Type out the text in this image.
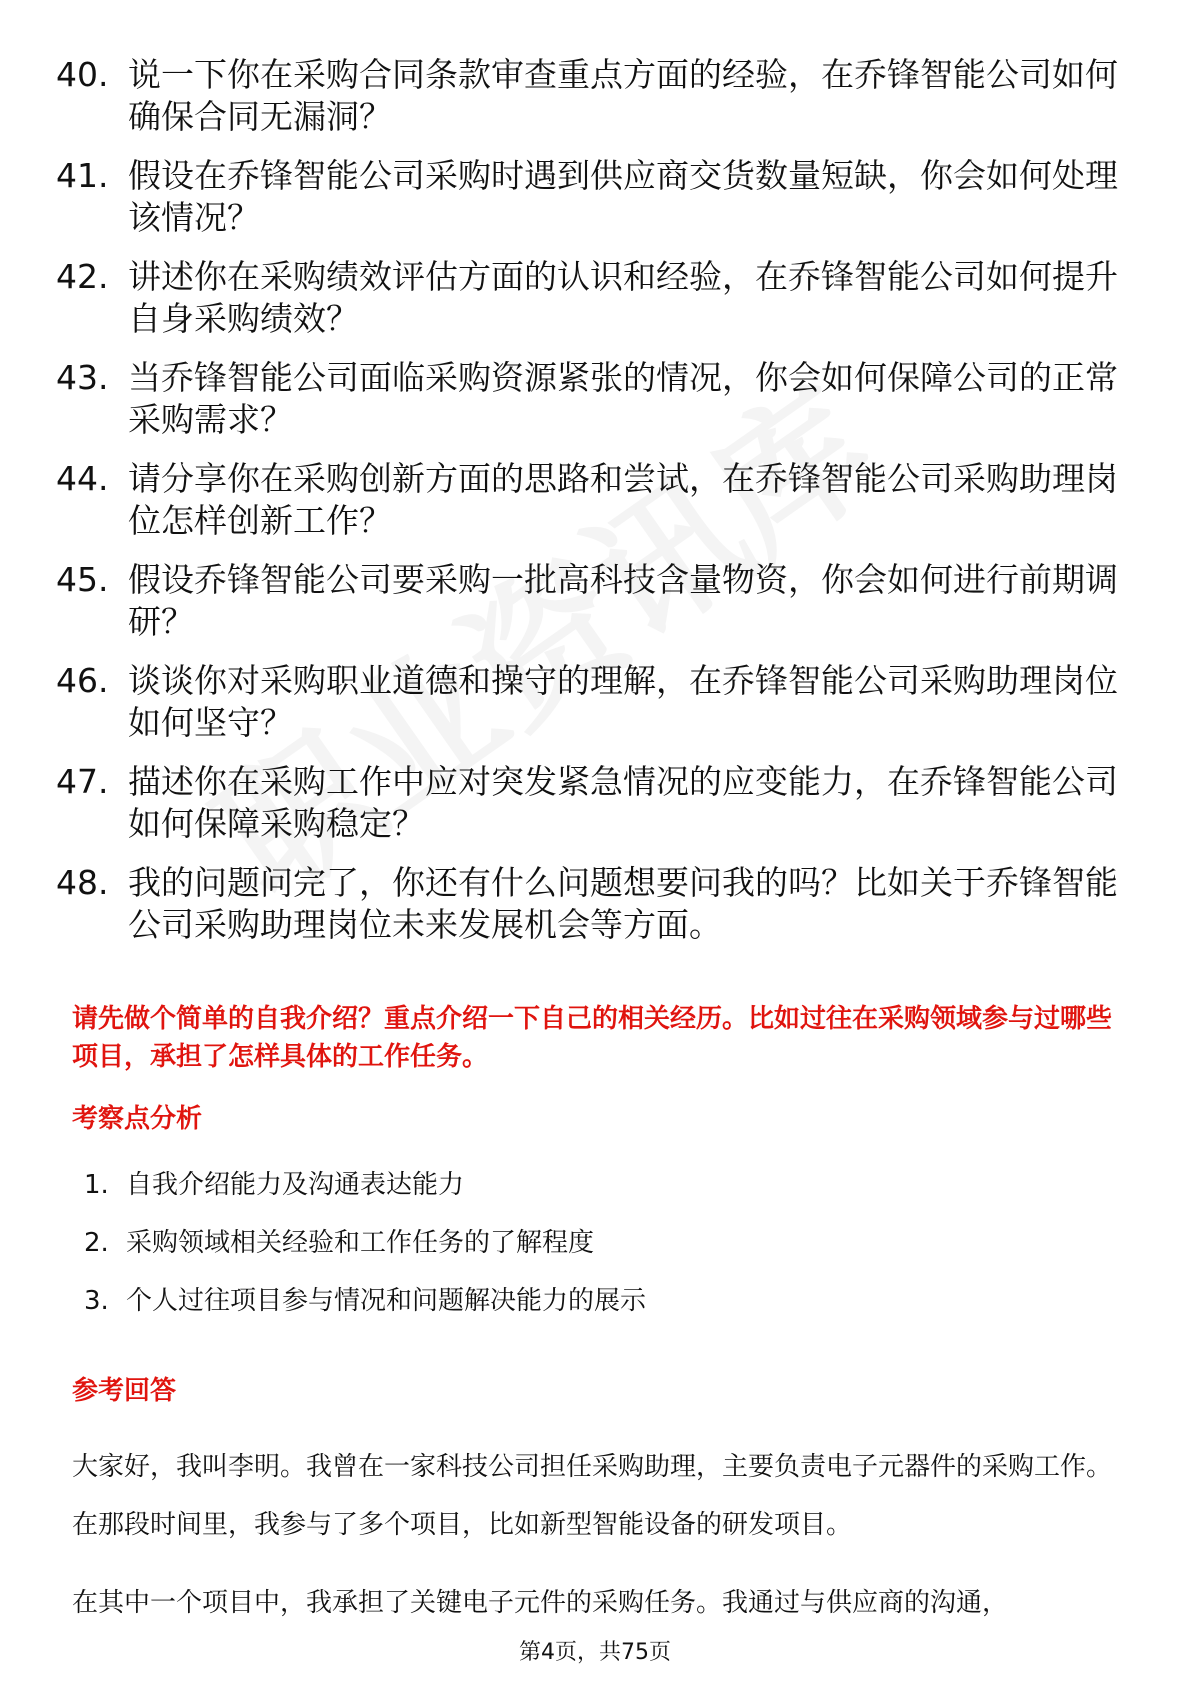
40. 说一下你在采购合同条款审查重点方面的经验，在乔锋智能公司如何确保合同无漏洞？
41. 假设在乔锋智能公司采购时遇到供应商交货数量短缺，你会如何处理该情况？
42. 讲述你在采购绩效评估方面的认识和经验，在乔锋智能公司如何提升自身采购绩效？
43. 当乔锋智能公司面临采购资源紧张的情况，你会如何保障公司的正常采购需求？
44. 请分享你在采购创新方面的思路和尝试，在乔锋智能公司采购助理岗位怎样创新工作？
45. 假设乔锋智能公司要采购一批高科技含量物资，你会如何进行前期调研？
46. 谈谈你对采购职业道德和操守的理解，在乔锋智能公司采购助理岗位如何坚守？
47. 描述你在采购工作中应对突发紧急情况的应变能力，在乔锋智能公司如何保障采购稳定？
48. 我的问题问完了，你还有什么问题想要问我的吗？比如关于乔锋智能公司采购助理岗位未来发展机会等方面。
请先做个简单的自我介绍？重点介绍一下自己的相关经历。比如过往在采购领域参与过哪些项目，承担了怎样具体的工作任务。
考察点分析
1. 自我介绍能力及沟通表达能力
2. 采购领域相关经验和工作任务的了解程度
3. 个人过往项目参与情况和问题解决能力的展示
参考回答

大家好，我叫李明。我曾在一家科技公司担任采购助理，主要负责电子元器件的采购工作。在那段时间里，我参与了多个项目，比如新型智能设备的研发项目。

在其中一个项目中，我承担了关键电子元件的采购任务。我通过与供应商的沟通，

第4页，共75页
